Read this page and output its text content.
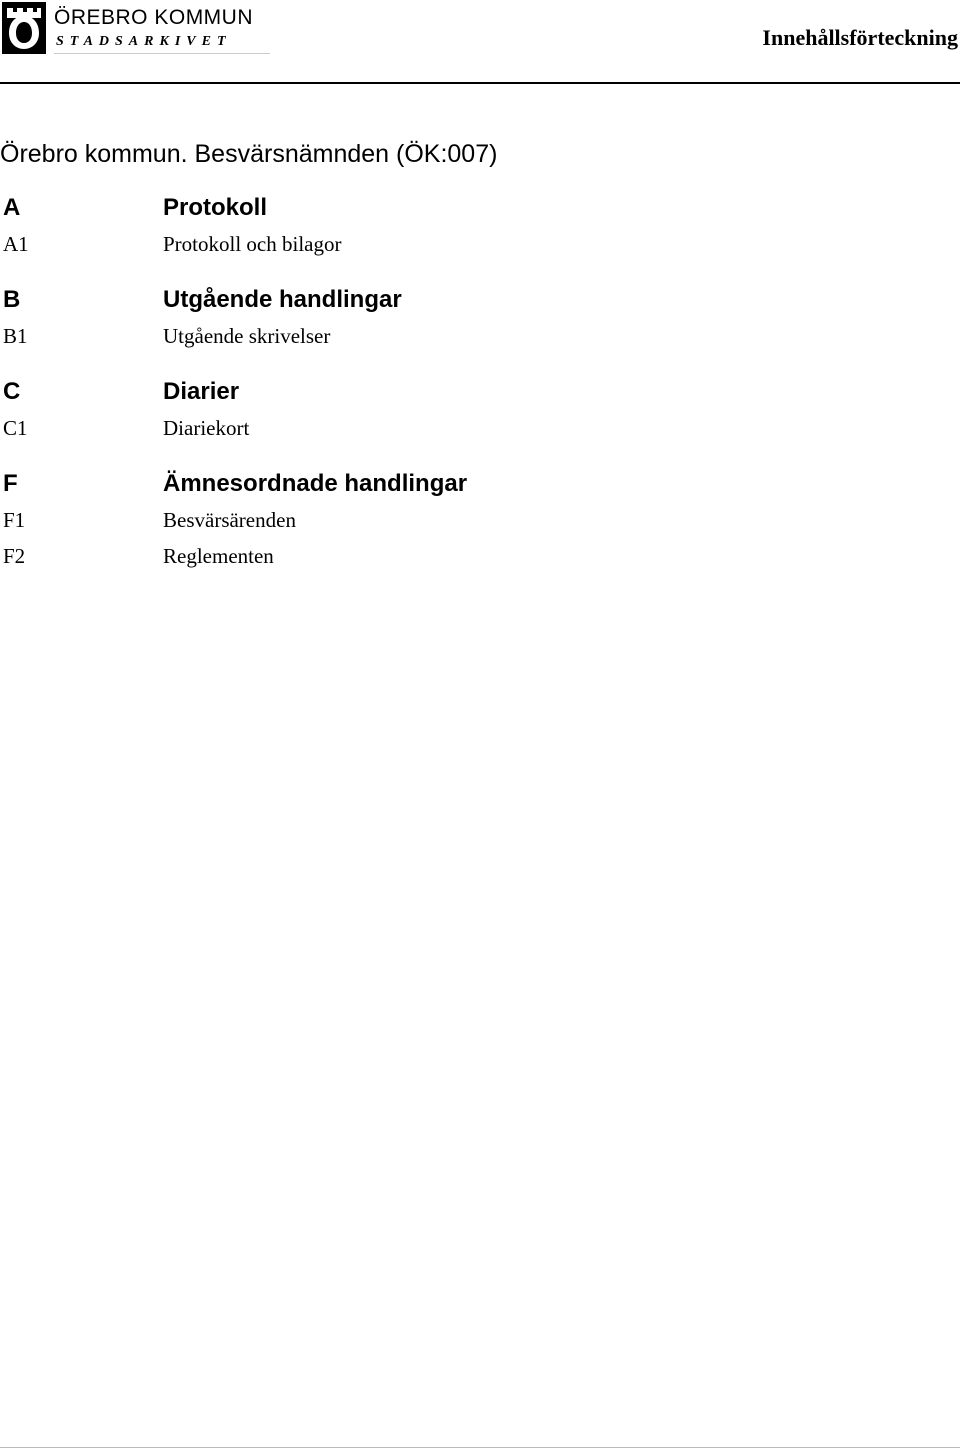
ÖREBRO KOMMUN
STADSARKIVET	Innehållsförteckning
Örebro kommun. Besvärsnämnden (ÖK:007)
A	Protokoll
A1	Protokoll och bilagor
B	Utgående handlingar
B1	Utgående skrivelser
C	Diarier
C1	Diariekort
F	Ämnesordnade handlingar
F1	Besvärsärenden
F2	Reglementen
